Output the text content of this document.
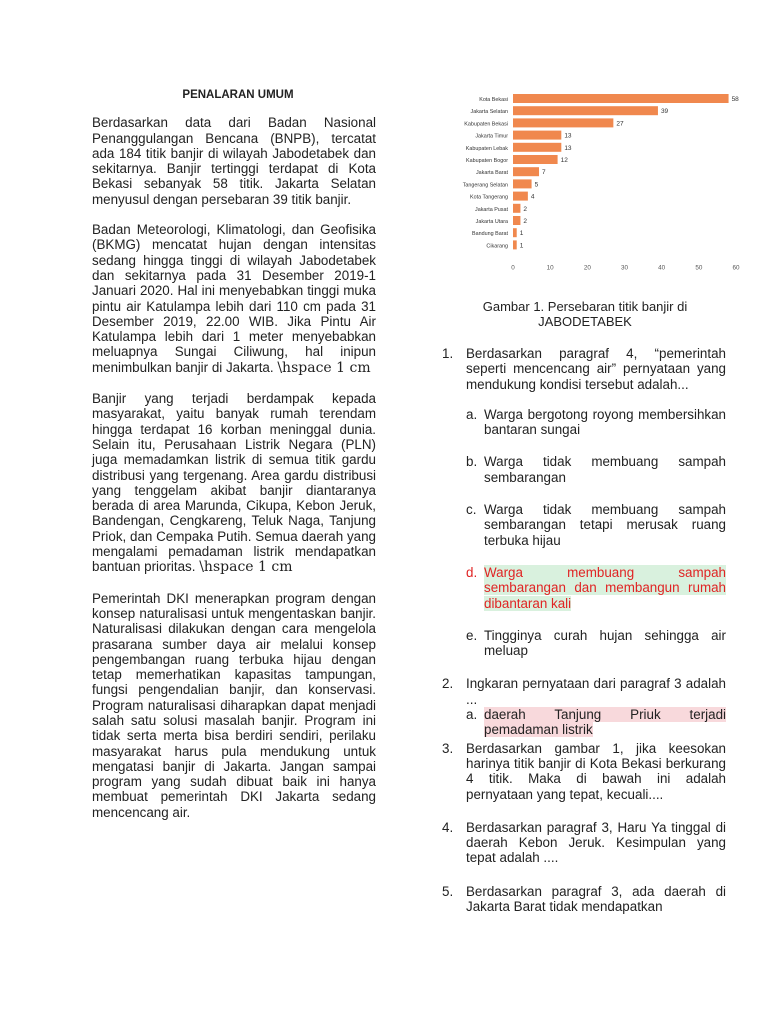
PENALARAN UMUM

Berdasarkan data dari Badan Nasional Penanggulangan Bencana (BNPB), tercatat ada 184 titik banjir di wilayah Jabodetabek dan sekitarnya. Banjir tertinggi terdapat di Kota Bekasi sebanyak 58 titik. Jakarta Selatan menyusul dengan persebaran 39 titik banjir.

Badan Meteorologi, Klimatologi, dan Geofisika (BKMG) mencatat hujan dengan intensitas sedang hingga tinggi di wilayah Jabodetabek dan sekitarnya pada 31 Desember 2019-1 Januari 2020. Hal ini menyebabkan tinggi muka pintu air Katulampa lebih dari 110 cm pada 31 Desember 2019, 22.00 WIB. Jika Pintu Air Katulampa lebih dari 1 meter menyebabkan meluapnya Sungai Ciliwung, hal inipun menimbulkan banjir di Jakarta. \hspace 1 cm

Banjir yang terjadi berdampak kepada masyarakat, yaitu banyak rumah terendam hingga terdapat 16 korban meninggal dunia. Selain itu, Perusahaan Listrik Negara (PLN) juga memadamkan listrik di semua titik gardu distribusi yang tergenang. Area gardu distribusi yang tenggelam akibat banjir diantaranya berada di area Marunda, Cikupa, Kebon Jeruk, Bandengan, Cengkareng, Teluk Naga, Tanjung Priok, dan Cempaka Putih. Semua daerah yang mengalami pemadaman listrik mendapatkan bantuan prioritas. \hspace 1 cm

Pemerintah DKI menerapkan program dengan konsep naturalisasi untuk mengentaskan banjir. Naturalisasi dilakukan dengan cara mengelola prasarana sumber daya air melalui konsep pengembangan ruang terbuka hijau dengan tetap memerhatikan kapasitas tampungan, fungsi pengendalian banjir, dan konservasi. Program naturalisasi diharapkan dapat menjadi salah satu solusi masalah banjir. Program ini tidak serta merta bisa berdiri sendiri, perilaku masyarakat harus pula mendukung untuk mengatasi banjir di Jakarta. Jangan sampai program yang sudah dibuat baik ini hanya membuat pemerintah DKI Jakarta sedang mencencang air.

Kota Bekasi	58
Jakarta Selatan	39
Kabupaten Bekasi	27
Jakarta Timur	13
Kabupaten Lebak	13
Kabupaten Bogor	12
Jakarta Barat	7
Tangerang Selatan	5
Kota Tangerang	4
Jakarta Pusat 2
Jakarta Utara 2
Bandung Barat 1
Cikarang 1
0	10	20	30	40	50	60
Gambar 1. Persebaran titik banjir di JABODETABEK
1. Berdasarkan paragraf 4, “pemerintah seperti mencencang air” pernyataan yang mendukung kondisi tersebut adalah...
a. Warga bergotong royong membersihkan bantaran sungai
b. Warga tidak membuang sampah sembarangan
c. Warga tidak membuang sampah sembarangan tetapi merusak ruang terbuka hijau
d. Warga membuang sampah sembarangan dan membangun rumah dibantaran kali
e. Tingginya curah hujan sehingga air meluap
2. Ingkaran pernyataan dari paragraf 3 adalah ...
a. daerah Tanjung Priuk terjadi pemadaman listrik
3. Berdasarkan gambar 1, jika keesokan harinya titik banjir di Kota Bekasi berkurang 4 titik. Maka di bawah ini adalah pernyataan yang tepat, kecuali....
4. Berdasarkan paragraf 3, Haru Ya tinggal di daerah Kebon Jeruk. Kesimpulan yang tepat adalah ....
5. Berdasarkan paragraf 3, ada daerah di Jakarta Barat tidak mendapatkan
